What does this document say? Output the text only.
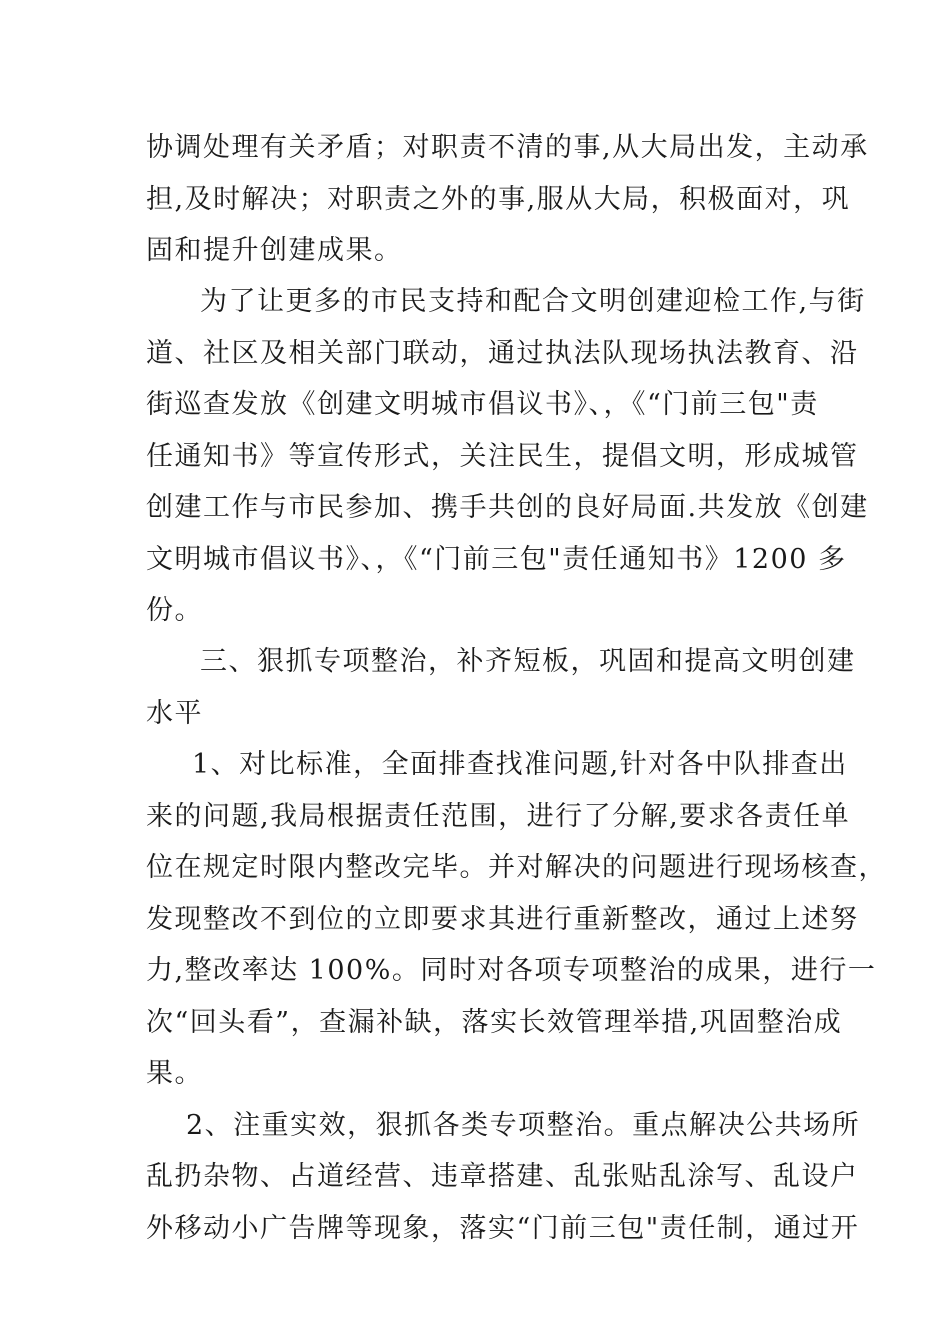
协调处理有关矛盾；对职责不清的事,从大局出发，主动承
担,及时解决；对职责之外的事,服从大局，积极面对，巩
固和提升创建成果。
为了让更多的市民支持和配合文明创建迎检工作,与街
道、社区及相关部门联动，通过执法队现场执法教育、沿
街巡查发放《创建文明城市倡议书》、，《“门前三包"责
任通知书》等宣传形式，关注民生，提倡文明，形成城管
创建工作与市民参加、携手共创的良好局面.共发放《创建
文明城市倡议书》、，《“门前三包"责任通知书》1200 多
份。
三、狠抓专项整治，补齐短板，巩固和提高文明创建
水平
1、对比标准，全面排查找准问题,针对各中队排查出
来的问题,我局根据责任范围，进行了分解,要求各责任单
位在规定时限内整改完毕。并对解决的问题进行现场核查，
发现整改不到位的立即要求其进行重新整改，通过上述努
力,整改率达 100%。同时对各项专项整治的成果，进行一
次“回头看”，查漏补缺，落实长效管理举措,巩固整治成
果。
2、注重实效，狠抓各类专项整治。重点解决公共场所
乱扔杂物、占道经营、违章搭建、乱张贴乱涂写、乱设户
外移动小广告牌等现象，落实“门前三包"责任制，通过开
